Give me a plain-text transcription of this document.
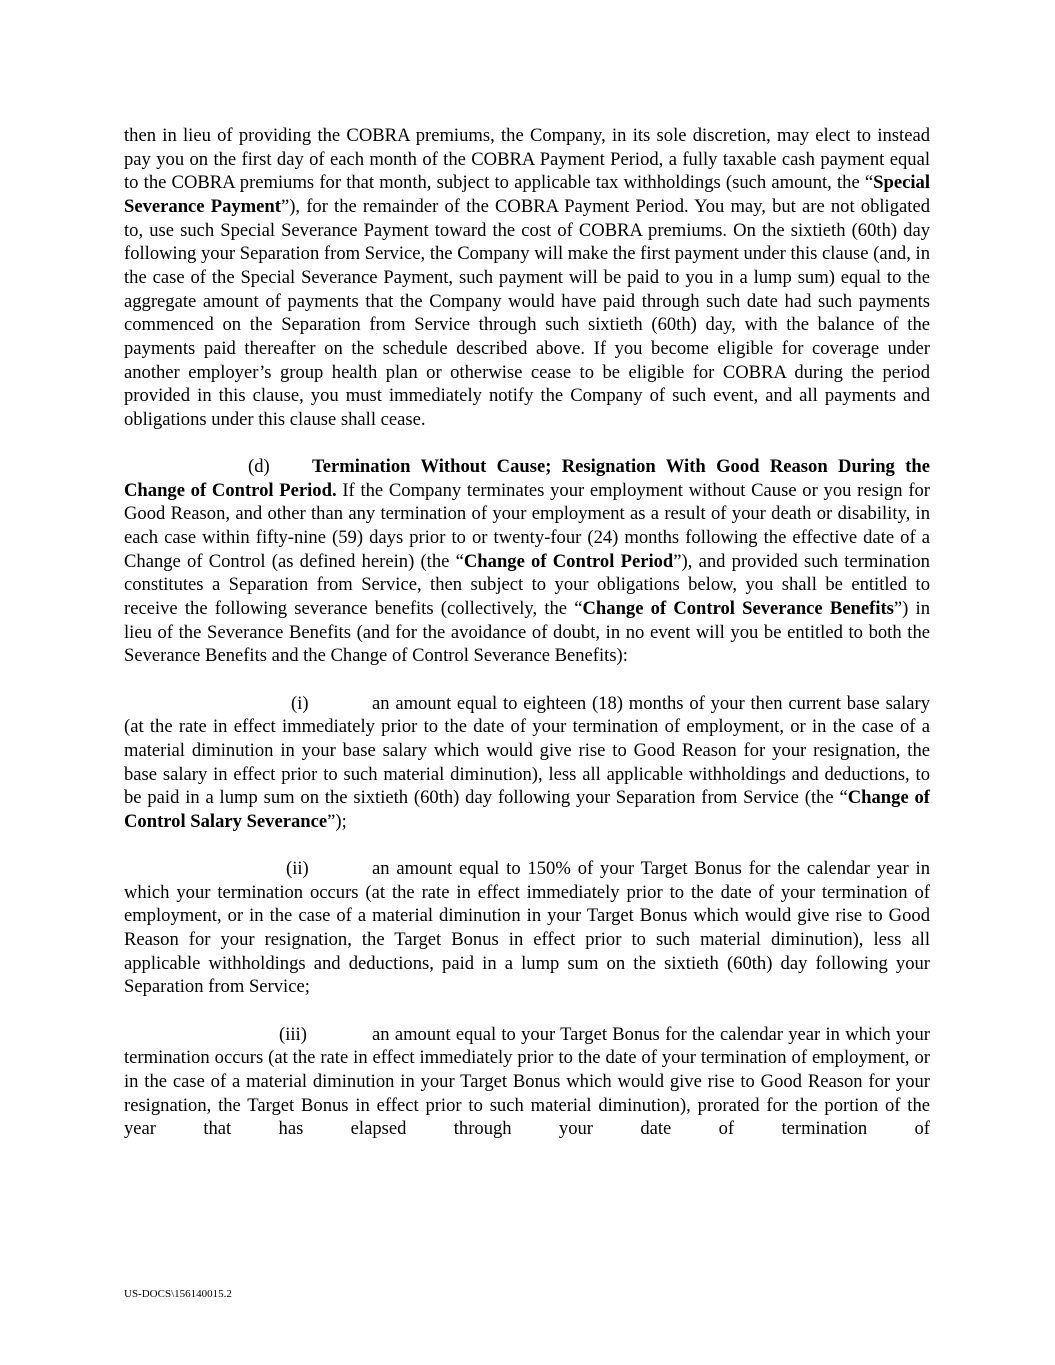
then in lieu of providing the COBRA premiums, the Company, in its sole discretion, may elect to instead pay you on the first day of each month of the COBRA Payment Period, a fully taxable cash payment equal to the COBRA premiums for that month, subject to applicable tax withholdings (such amount, the “Special Severance Payment”), for the remainder of the COBRA Payment Period. You may, but are not obligated to, use such Special Severance Payment toward the cost of COBRA premiums. On the sixtieth (60th) day following your Separation from Service, the Company will make the first payment under this clause (and, in the case of the Special Severance Payment, such payment will be paid to you in a lump sum) equal to the aggregate amount of payments that the Company would have paid through such date had such payments commenced on the Separation from Service through such sixtieth (60th) day, with the balance of the payments paid thereafter on the schedule described above. If you become eligible for coverage under another employer’s group health plan or otherwise cease to be eligible for COBRA during the period provided in this clause, you must immediately notify the Company of such event, and all payments and obligations under this clause shall cease.

(d) Termination Without Cause; Resignation With Good Reason During the Change of Control Period. If the Company terminates your employment without Cause or you resign for Good Reason, and other than any termination of your employment as a result of your death or disability, in each case within fifty-nine (59) days prior to or twenty-four (24) months following the effective date of a Change of Control (as defined herein) (the “Change of Control Period”), and provided such termination constitutes a Separation from Service, then subject to your obligations below, you shall be entitled to receive the following severance benefits (collectively, the “Change of Control Severance Benefits”) in lieu of the Severance Benefits (and for the avoidance of doubt, in no event will you be entitled to both the Severance Benefits and the Change of Control Severance Benefits):

(i)	an amount equal to eighteen (18) months of your then current base salary (at the rate in effect immediately prior to the date of your termination of employment, or in the case of a material diminution in your base salary which would give rise to Good Reason for your resignation, the base salary in effect prior to such material diminution), less all applicable withholdings and deductions, to be paid in a lump sum on the sixtieth (60th) day following your Separation from Service (the “Change of Control Salary Severance”);

(ii)	an amount equal to 150% of your Target Bonus for the calendar year in which your termination occurs (at the rate in effect immediately prior to the date of your termination of employment, or in the case of a material diminution in your Target Bonus which would give rise to Good Reason for your resignation, the Target Bonus in effect prior to such material diminution), less all applicable withholdings and deductions, paid in a lump sum on the sixtieth (60th) day following your Separation from Service;

(iii)	an amount equal to your Target Bonus for the calendar year in which your termination occurs (at the rate in effect immediately prior to the date of your termination of employment, or in the case of a material diminution in your Target Bonus which would give rise to Good Reason for your resignation, the Target Bonus in effect prior to such material diminution), prorated for the portion of the year that has elapsed through your date of termination of

US-DOCS\156140015.2
